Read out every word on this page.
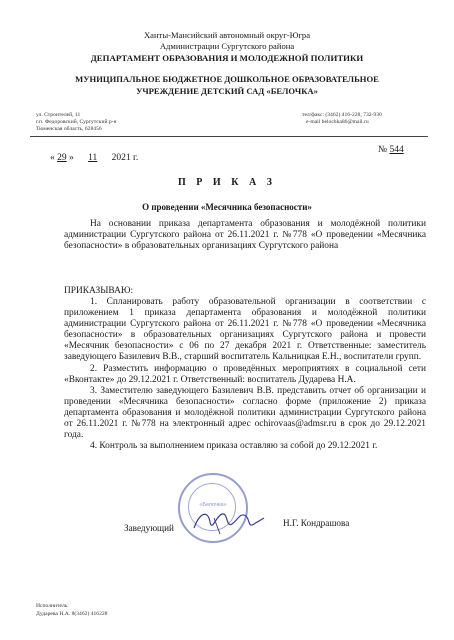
Ханты-Мансийский автономный округ-Югра
Администрации Сургутского района
ДЕПАРТАМЕНТ ОБРАЗОВАНИЯ И МОЛОДЕЖНОЙ ПОЛИТИКИ
МУНИЦИПАЛЬНОЕ БЮДЖЕТНОЕ ДОШКОЛЬНОЕ ОБРАЗОВАТЕЛЬНОЕ
УЧРЕЖДЕНИЕ ДЕТСКИЙ САД «БЕЛОЧКА»
ул. Строителей, 11
г.п. Федоровский, Сургутский р-н
Тюменская область, 628456
тел/факс: (3462) 416-228, 732-930
e-mail belochka86@mail.ru
« 29 » 11 2021 г.
№ 544
П Р И К А З
О проведении «Месячника безопасности»

На основании приказа департамента образования и молодёжной политики администрации Сургутского района от 26.11.2021 г. №778 «О проведении «Месячника безопасности» в образовательных организациях Сургутского района

ПРИКАЗЫВАЮ:

1. Спланировать работу образовательной организации в соответствии с приложением 1 приказа департамента образования и молодёжной политики администрации Сургутского района от 26.11.2021 г. №778 «О проведении «Месячника безопасности» в образовательных организациях Сургутского района и провести «Месячник безопасности» с 06 по 27 декабря 2021 г. Ответственные: заместитель заведующего Базилевич В.В., старший воспитатель Кальницкая Е.Н., воспитатели групп.

2. Разместить информацию о проведённых мероприятиях в социальной сети «Вконтакте» до 29.12.2021 г. Ответственный: воспитатель Дударева Н.А.

3. Заместителю заведующего Базилевич В.В. представить отчет об организации и проведении «Месячника безопасности» согласно форме (приложение 2) приказа департамента образования и молодёжной политики администрации Сургутского района от 26.11.2021 г. №778 на электронный адрес ochirovaas@admsr.ru в срок до 29.12.2021 года.

4. Контроль за выполнением приказа оставляю за собой до 29.12.2021 г.

Заведующий
«Белочка»
Н.Г. Кондрашова
Исполнитель:
Дударева Н.А. 8(3462) 416228
